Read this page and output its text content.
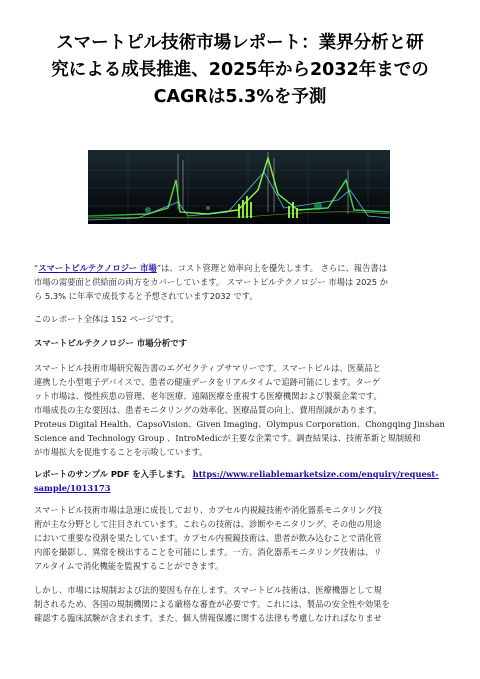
スマートピル技術市場レポート：業界分析と研
究による成長推進、2025年から2032年までの
CAGRは5.3%を予測
“スマートピルテクノロジー 市場”は、コスト管理と効率向上を優先します。 さらに、報告書は
市場の需要面と供給面の両方をカバーしています。 スマートピルテクノロジー 市場は 2025 か
ら 5.3% に年率で成長すると予想されています2032 です。
このレポート全体は 152 ページです。
スマートピルテクノロジー 市場分析です
スマートピル技術市場研究報告書のエグゼクティブサマリーです。スマートピルは、医薬品と
連携した小型電子デバイスで、患者の健康データをリアルタイムで追跡可能にします。ターゲ
ット市場は、慢性疾患の管理、老年医療、遠隔医療を重視する医療機関および製薬企業です。
市場成長の主な要因は、患者モニタリングの効率化、医療品質の向上、費用削減があります。
Proteus Digital Health、CapsoVision、Given Imaging、Olympus Corporation、Chongqing Jinshan
Science and Technology Group 、IntroMedicが主要な企業です。調査結果は、技術革新と規制緩和
が市場拡大を促進することを示唆しています。
レポートのサンプル PDF を入手します。 https://www.reliablemarketsize.com/enquiry/request-
sample/1013173
スマートピル技術市場は急速に成長しており、カプセル内視鏡技術や消化器系モニタリング技
術が主な分野として注目されています。これらの技術は、診断やモニタリング、その他の用途
において重要な役割を果たしています。カプセル内視鏡技術は、患者が飲み込むことで消化管
内部を撮影し、異常を検出することを可能にします。一方、消化器系モニタリング技術は、リ
アルタイムで消化機能を監視することができます。
しかし、市場には規制および法的要因も存在します。スマートピル技術は、医療機器として規
制されるため、各国の規制機関による厳格な審査が必要です。これには、製品の安全性や効果を
確認する臨床試験が含まれます。また、個人情報保護に関する法律も考慮しなければなりませ
